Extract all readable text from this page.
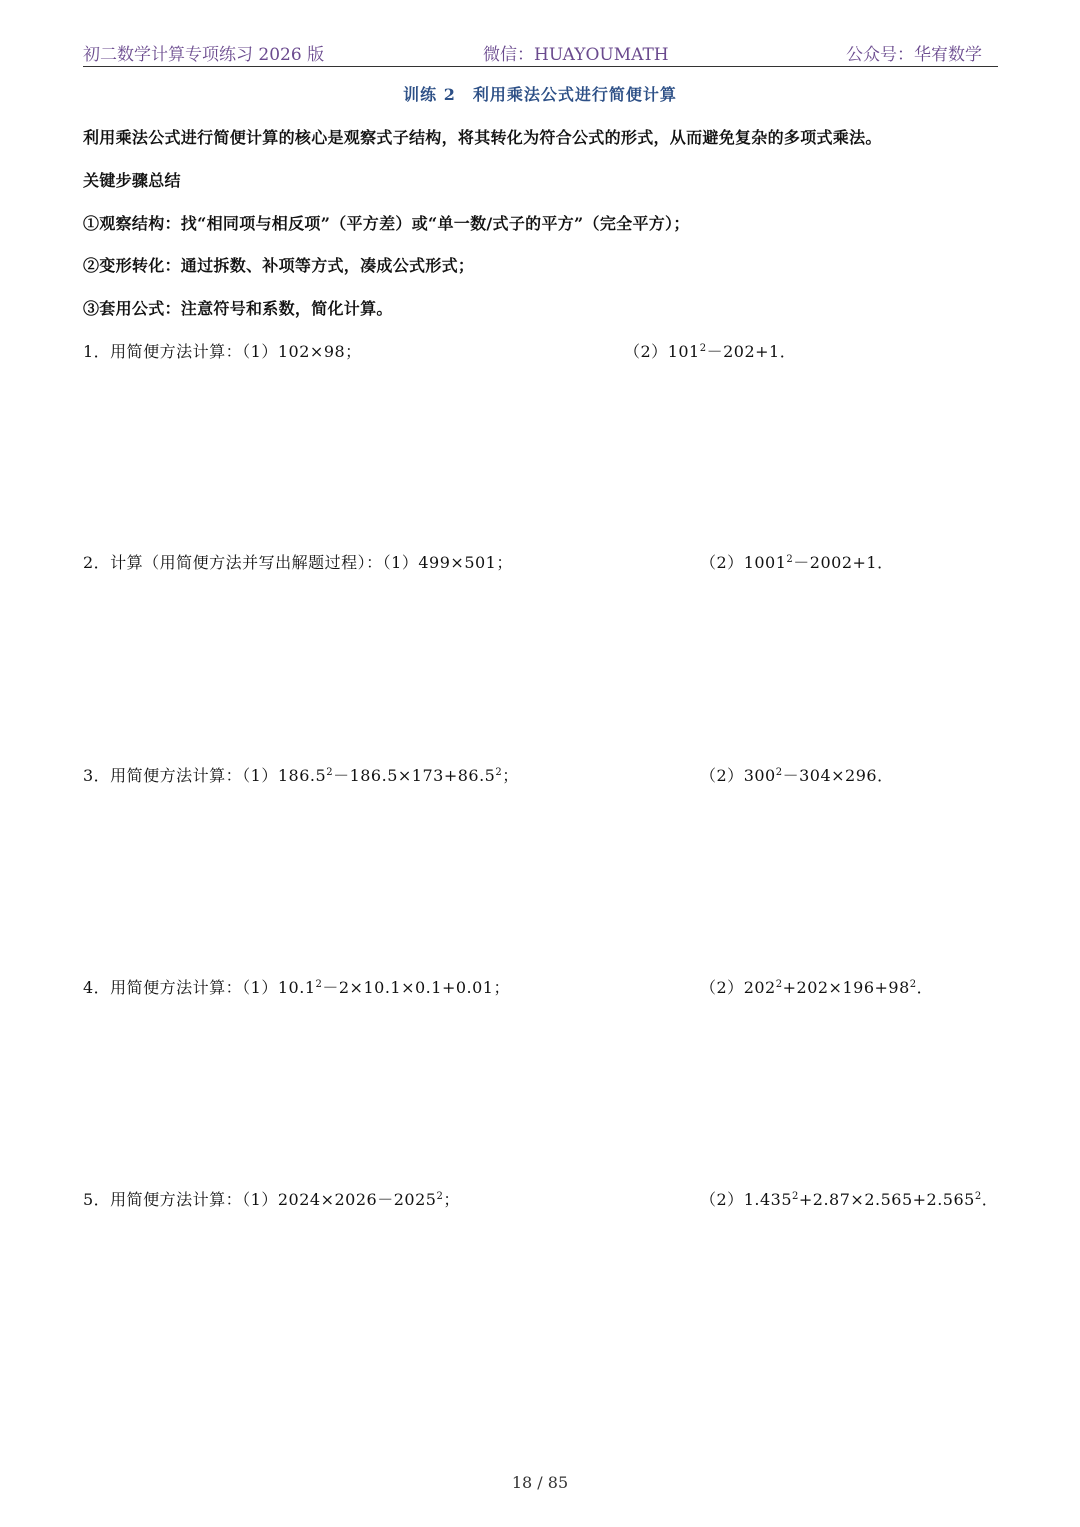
初二数学计算专项练习 2026 版	微信：HUAYOUMATH	公众号：华宥数学
训练 2　利用乘法公式进行简便计算
利用乘法公式进行简便计算的核心是观察式子结构，将其转化为符合公式的形式，从而避免复杂的多项式乘法。
关键步骤总结
①观察结构：找“相同项与相反项”（平方差）或“单一数/式子的平方”（完全平方）；
②变形转化：通过拆数、补项等方式，凑成公式形式；
③套用公式：注意符号和系数，简化计算。
1．用简便方法计算：（1）102×98；	$(2)101^2-202+1$．
2．计算（用简便方法并写出解题过程）：（1）499×501；	$(2)1001^2-2002+1$．
3．用简便方法计算：$(1)186.5^2-186.5\times 173+86.5^2$；	$(2)300^2-304\times 296$．
4．用简便方法计算：$(1)10.1^2-2\times 10.1\times 0.1+0.01$；	$(2)202^2+202\times 196+98^2$．
5．用简便方法计算：$(1)2024\times 2026-2025^2$；	$(2)1.435^2+2.87\times 2.565+2.565^2$．
18 / 85
